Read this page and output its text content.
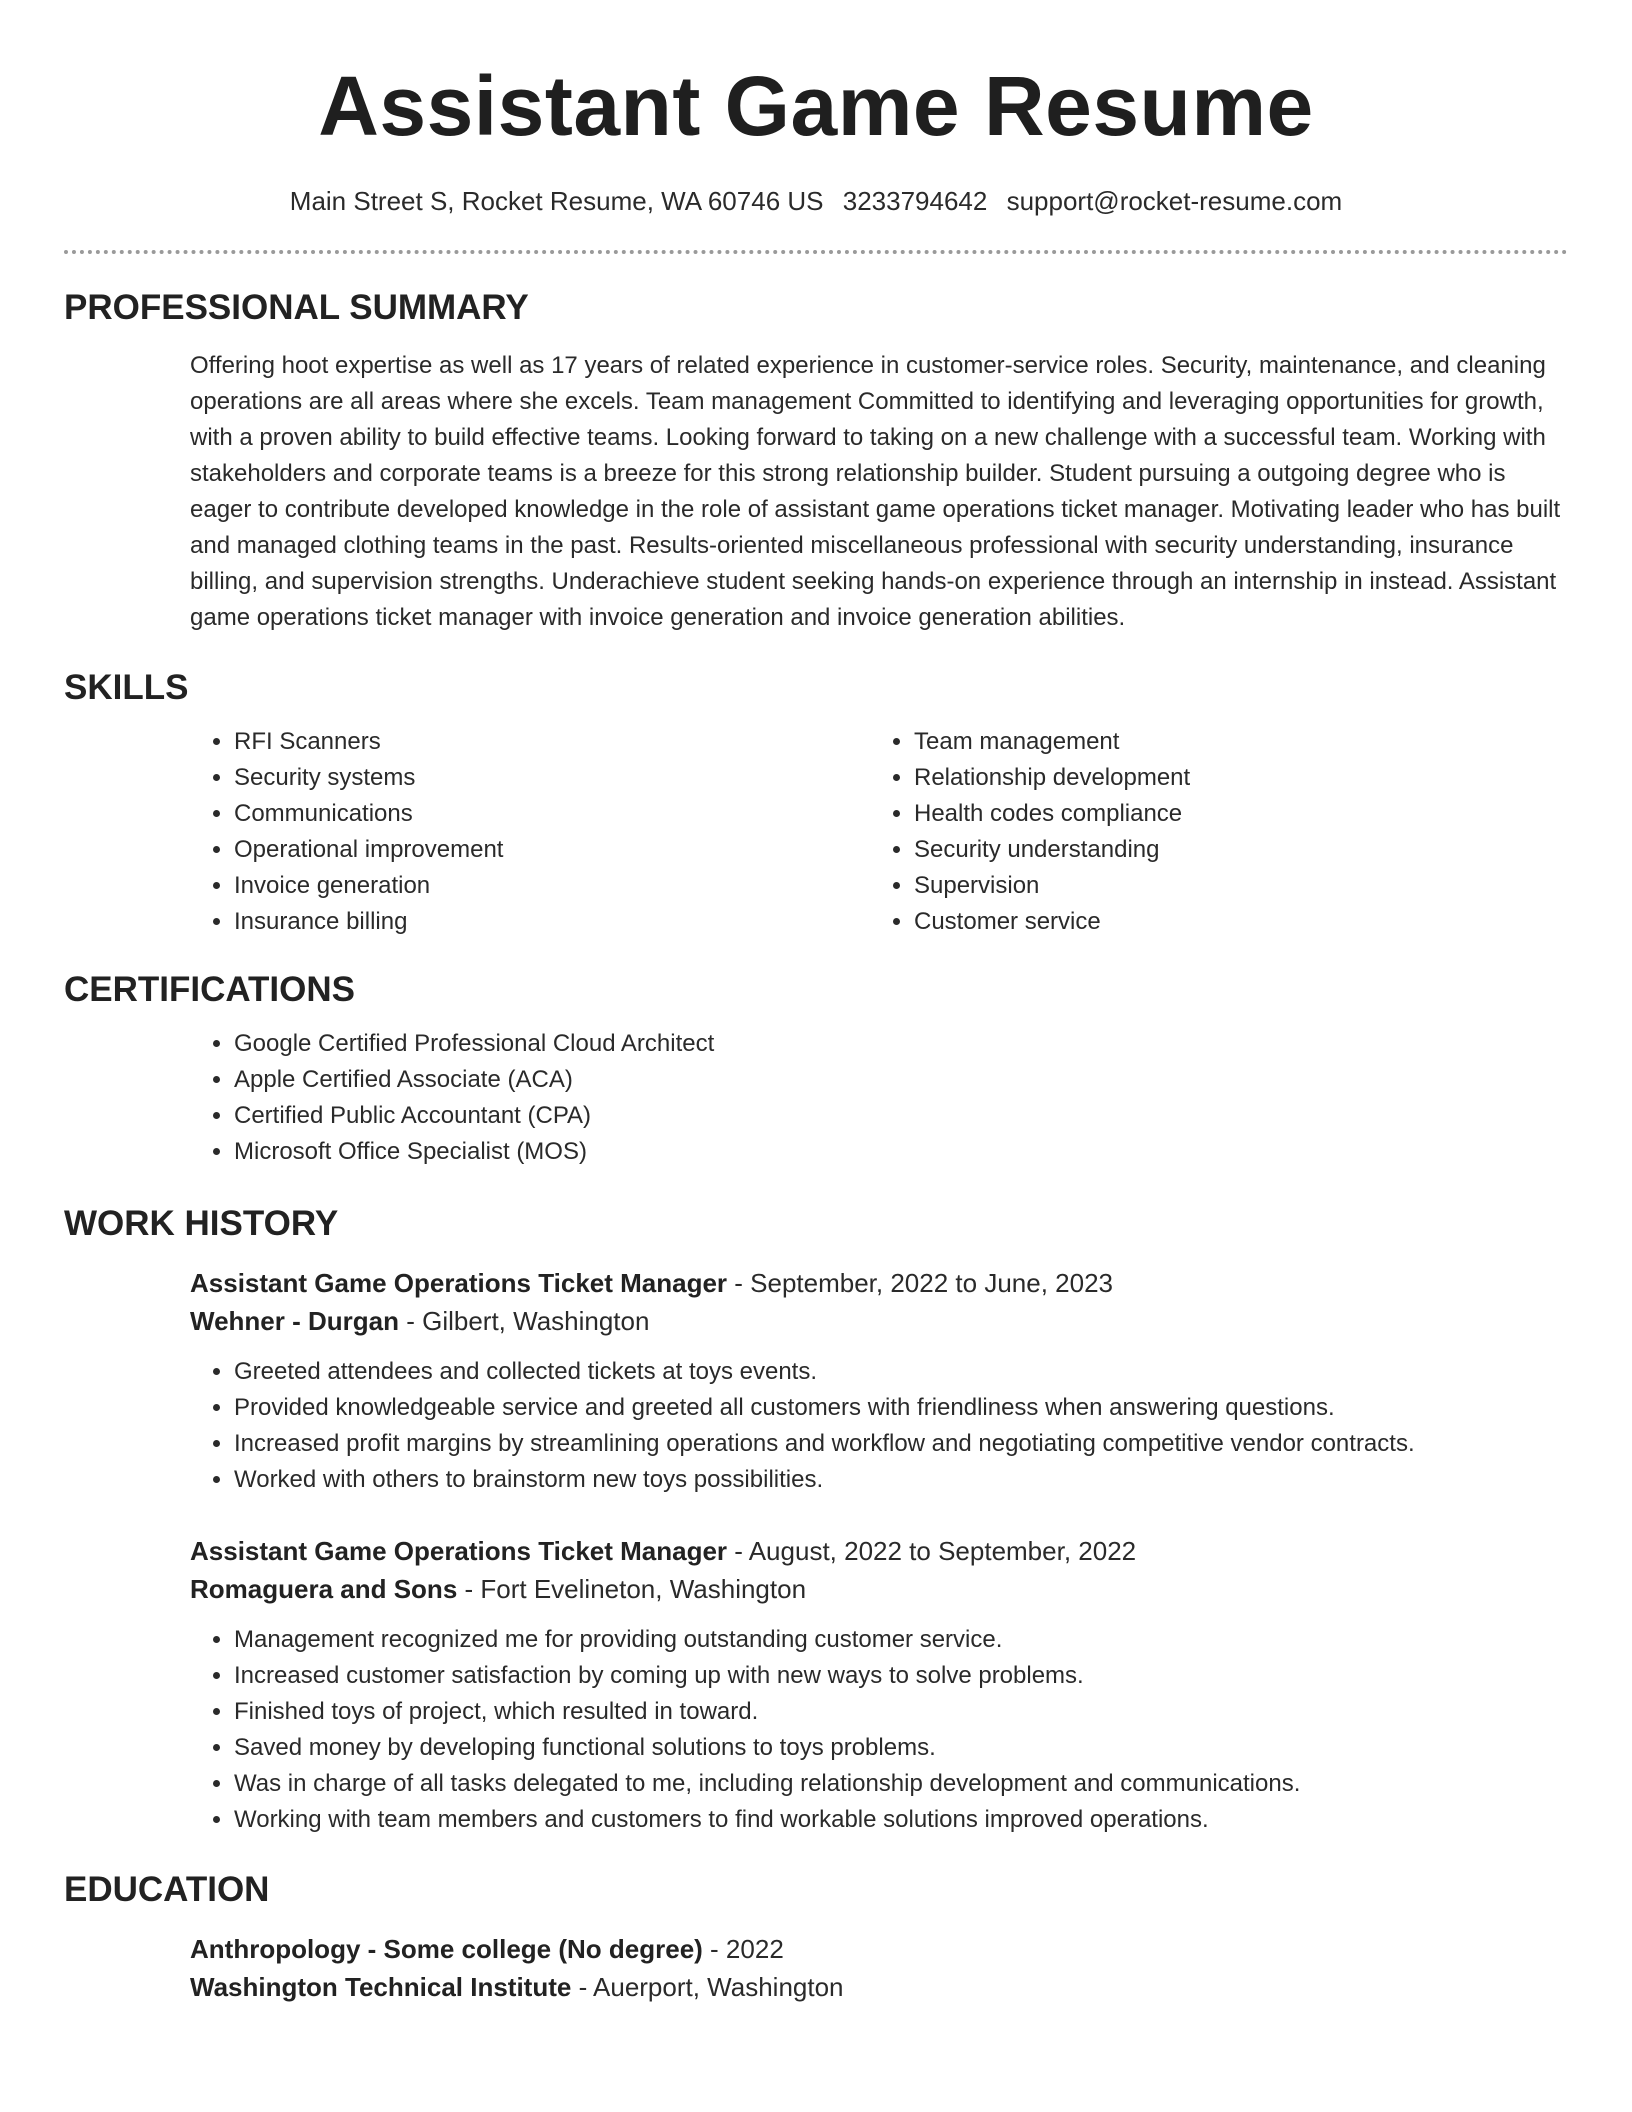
Assistant Game Resume
Main Street S, Rocket Resume, WA 60746 US 3233794642 support@rocket-resume.com
PROFESSIONAL SUMMARY

Offering hoot expertise as well as 17 years of related experience in customer-service roles. Security, maintenance, and cleaning operations are all areas where she excels. Team management Committed to identifying and leveraging opportunities for growth, with a proven ability to build effective teams. Looking forward to taking on a new challenge with a successful team. Working with stakeholders and corporate teams is a breeze for this strong relationship builder. Student pursuing a outgoing degree who is eager to contribute developed knowledge in the role of assistant game operations ticket manager. Motivating leader who has built and managed clothing teams in the past. Results-oriented miscellaneous professional with security understanding, insurance billing, and supervision strengths. Underachieve student seeking hands-on experience through an internship in instead. Assistant game operations ticket manager with invoice generation and invoice generation abilities.

SKILLS
• RFI Scanners
• Security systems
• Communications
• Operational improvement
• Invoice generation
• Insurance billing
• Team management
• Relationship development
• Health codes compliance
• Security understanding
• Supervision
• Customer service
CERTIFICATIONS
• Google Certified Professional Cloud Architect
• Apple Certified Associate (ACA)
• Certified Public Accountant (CPA)
• Microsoft Office Specialist (MOS)
WORK HISTORY
Assistant Game Operations Ticket Manager - September, 2022 to June, 2023
Wehner - Durgan - Gilbert, Washington
• Greeted attendees and collected tickets at toys events.
• Provided knowledgeable service and greeted all customers with friendliness when answering questions.
• Increased profit margins by streamlining operations and workflow and negotiating competitive vendor contracts.
• Worked with others to brainstorm new toys possibilities.
Assistant Game Operations Ticket Manager - August, 2022 to September, 2022
Romaguera and Sons - Fort Evelineton, Washington
• Management recognized me for providing outstanding customer service.
• Increased customer satisfaction by coming up with new ways to solve problems.
• Finished toys of project, which resulted in toward.
• Saved money by developing functional solutions to toys problems.
• Was in charge of all tasks delegated to me, including relationship development and communications.
• Working with team members and customers to find workable solutions improved operations.
EDUCATION
Anthropology - Some college (No degree) - 2022
Washington Technical Institute - Auerport, Washington
